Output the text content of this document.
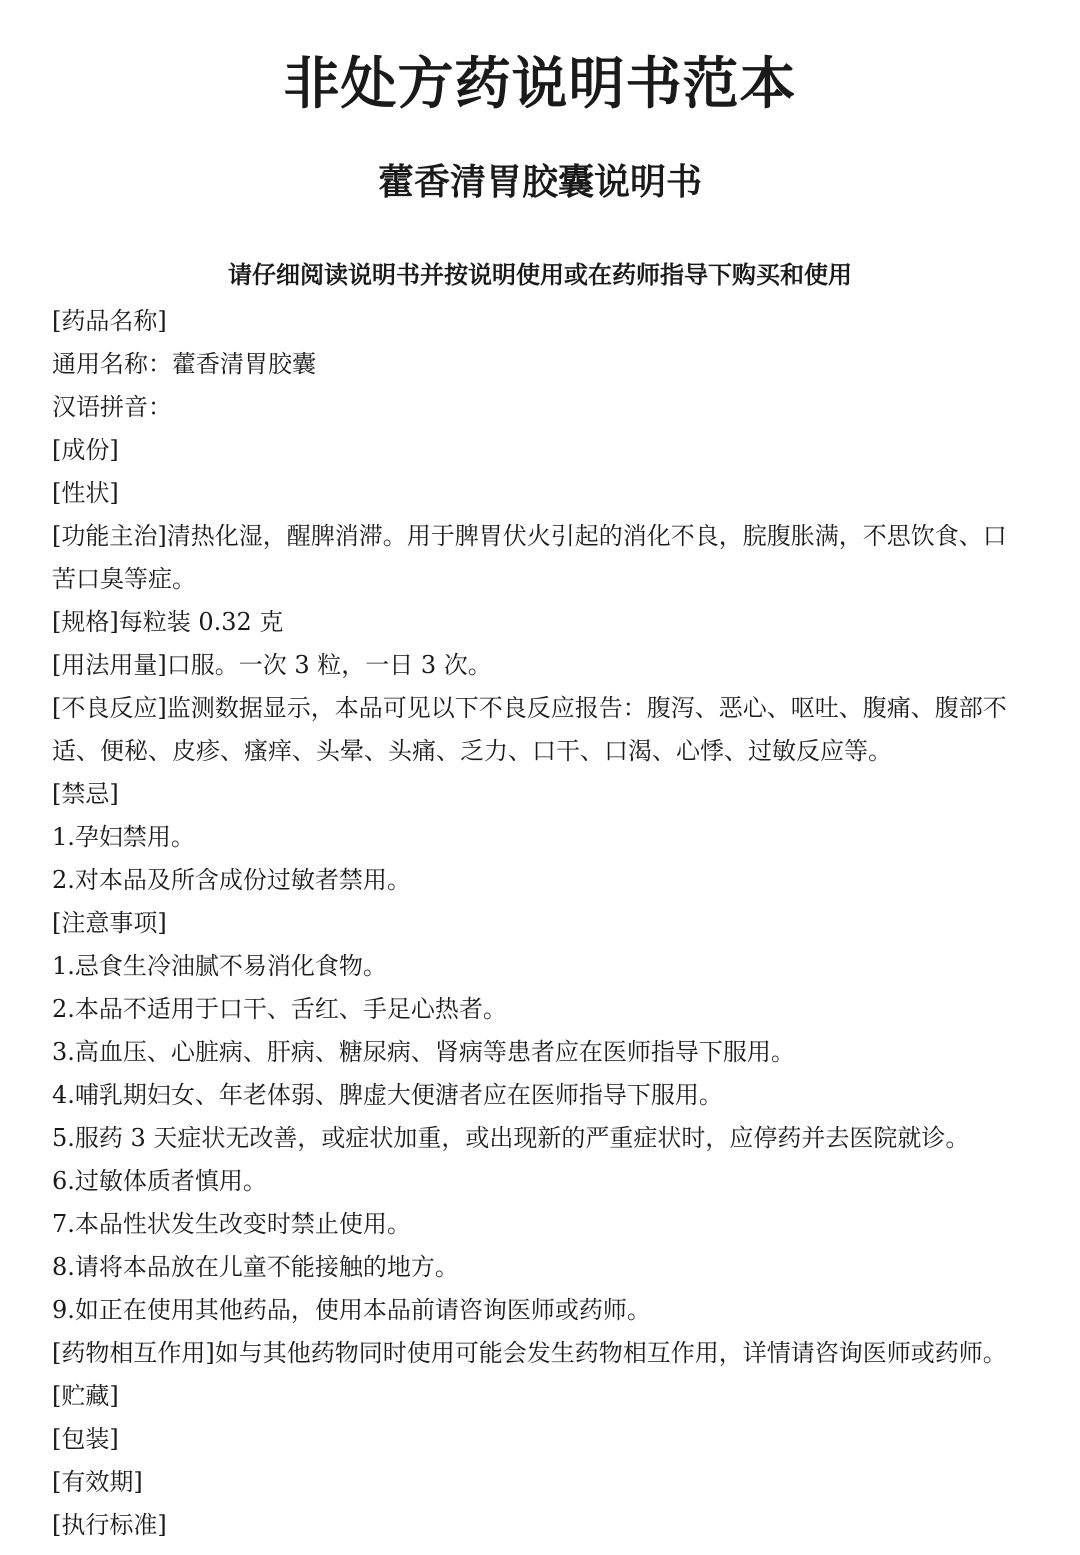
非处方药说明书范本
藿香清胃胶囊说明书

请仔细阅读说明书并按说明使用或在药师指导下购买和使用

[药品名称]

通用名称：藿香清胃胶囊

汉语拼音：

[成份]

[性状]

[功能主治]清热化湿，醒脾消滞。用于脾胃伏火引起的消化不良，脘腹胀满，不思饮食、口

苦口臭等症。

[规格]每粒装 0.32 克

[用法用量]口服。一次 3 粒，一日 3 次。

[不良反应]监测数据显示，本品可见以下不良反应报告：腹泻、恶心、呕吐、腹痛、腹部不

适、便秘、皮疹、瘙痒、头晕、头痛、乏力、口干、口渴、心悸、过敏反应等。

[禁忌]

1.孕妇禁用。

2.对本品及所含成份过敏者禁用。

[注意事项]

1.忌食生冷油腻不易消化食物。

2.本品不适用于口干、舌红、手足心热者。

3.高血压、心脏病、肝病、糖尿病、肾病等患者应在医师指导下服用。

4.哺乳期妇女、年老体弱、脾虚大便溏者应在医师指导下服用。

5.服药 3 天症状无改善，或症状加重，或出现新的严重症状时，应停药并去医院就诊。

6.过敏体质者慎用。

7.本品性状发生改变时禁止使用。

8.请将本品放在儿童不能接触的地方。

9.如正在使用其他药品，使用本品前请咨询医师或药师。

[药物相互作用]如与其他药物同时使用可能会发生药物相互作用，详情请咨询医师或药师。

[贮藏]

[包装]

[有效期]

[执行标准]
